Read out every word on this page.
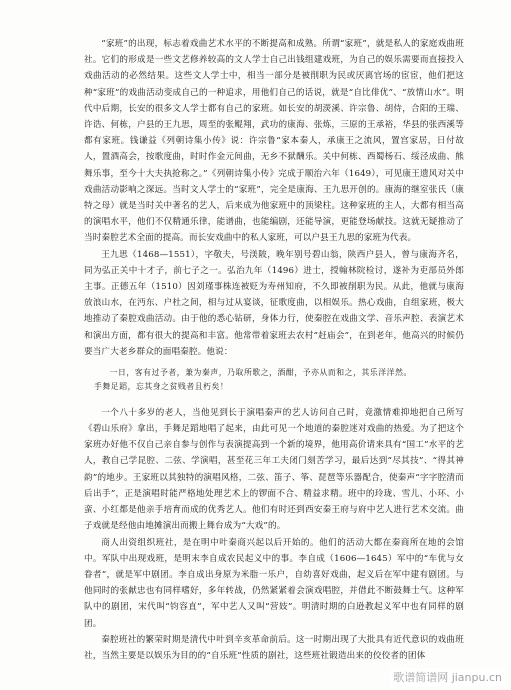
“家班”的出现，标志着戏曲艺术水平的不断提高和成熟。所谓“家班”，就是私人的家庭戏曲班社。它们的形成是一些文艺修养较高的文人学士自己出钱组建戏班，为自己的娱乐需要而直接投入戏曲活动的必然结果。这些文人学士中，相当一部分是被削职为民或厌离官场的宦宦，他们把这种“家班”的戏曲活动变成自己的一种追求，用他们自己的话说，就是“自比俳优”、“放情山水”。明代中后期，长安的很多文人学士都有自己的家班。如长安的胡濙溪、许宗鲁、胡侍，合阳的王瑞、许诰、何栋，户县的王九思，周至的张鲲翔，武功的康海、张炼，三原的王承裕，华县的张西溪等都有家班。钱谦益《列朝诗集小传》说：许宗鲁“家本秦人，承康王之流风，置宫家居，日付故人，置酒高会，按歌度曲，时时作金元间曲，无乡不狱酬乐。关中何栋、西蜀杨石、绥泾成曲、熊舞乐事，至今十大夫执抢称之。”《列朝诗集小传》完成于顺治六年（1649），可见康王遗风对关中戏曲活动影响之深远。当时文人学士的“家班”，完全是康海、王九思开创的。康海的继室张氏（康特之母）就是当时关中著名的艺人，后来成为他家班中的顶梁柱。这种家班的主人，大都有相当高的演唱水平，他们不仅精通乐律，能谱曲，也能编剧，还能导演，更能登场献技。这就无疑推动了当时秦腔艺术全面的提高。而长安戏曲中的私人家班，可以户县王九思的家班为代表。

王九思（1468—1551），字敬夫，号渼陂，晚年别号碧山翁，陕西户县人，曾与康海齐名，同为弘正关中十才子，前七子之一。弘治九年（1496）进士，授翰林院检讨，遂补为吏部员外郎主事。正德五年（1510）因刘瑾事株连被贬为寿州知府，不久即被削职为民。从此，他就与康海放浪山水，在沔东、户杜之间，相与过从宴谈，征歌度曲，以相娱乐。热心戏曲，自组家班，极大地推动了秦腔戏曲活动。由于他的悉心钻研，身体力行，使秦腔在戏曲文学、音乐声腔、表演艺术和演出方面，都有很大的提高和丰富。他常带着家班去农村“赶庙会”，在到老年，他高兴的时候仍要当广大老乡群众的面唱秦腔。他说：

一日，客有过予者，兼为秦声，乃取所歌之，酒酣，予亦从而和之，其乐洋洋然。
手舞足蹈，忘其身之贫贱者且朽矣！

一个八十多岁的老人，当他见到长于演唱秦声的艺人访问自己时，竟激情难抑地把自己所写《碧山乐府》拿出，手舞足蹈地唱了起来，由此可见一个地道的秦腔迷对戏曲的热爱。为了把这个家班办好他不仅自己亲自参与创作与表演提高到一个新的境界，他用高价请来具有“国工”水平的艺人，教自己学昆腔、二弦、学演唱，甚至花三年工夫闭门刻苦学习，最后达到“尽其技”、“得其神韵”的地步。王家班以其独特的演唱风格，二弦、笛子、筝、琵琶等乐器配合，使秦声“字字腔清而后出手”，正是演唱时能严格地处理艺术上的锣面不合、精益求精。班中的玲珑、雪儿、小环、小蛮、小红都是他亲手培育而成的优秀艺人。他们有时还到西安秦王府与府中艺人进行艺术交流。曲子戏就是经他由地摊演出而搬上舞台成为“大戏”的。

商人出资组织班社，是在明中叶秦商兴起以后开始的。他们的活动大都在秦商所在地的会馆中。军队中出现戏班，是明末李自成农民起义中的事。李自成（1606—1645）军中的“车优与女眷者”，就是军中剧团。李自成出身原为米脂一乐户，自幼喜好戏曲，起义后在军中建有剧团。与他同时的张献忠也有同样嗜好，多年转战，仍然紧紧着会演戏唱腔，并借此不断鼓舞士气。这种军队中的剧团，宋代叫“钧容直”，军中艺人又叫“营妓”。明清时期的白逊教起义军中也有同样的剧团。

秦腔班社的繁荣时期是清代中叶到辛亥革命前后。这一时期出现了大批具有近代意识的戏曲班社，当然主要是以娱乐为目的的“自乐班”性质的剧社，这些班社锻造出来的佼佼者的团体

歌谱简谱网 jianpu.cn
